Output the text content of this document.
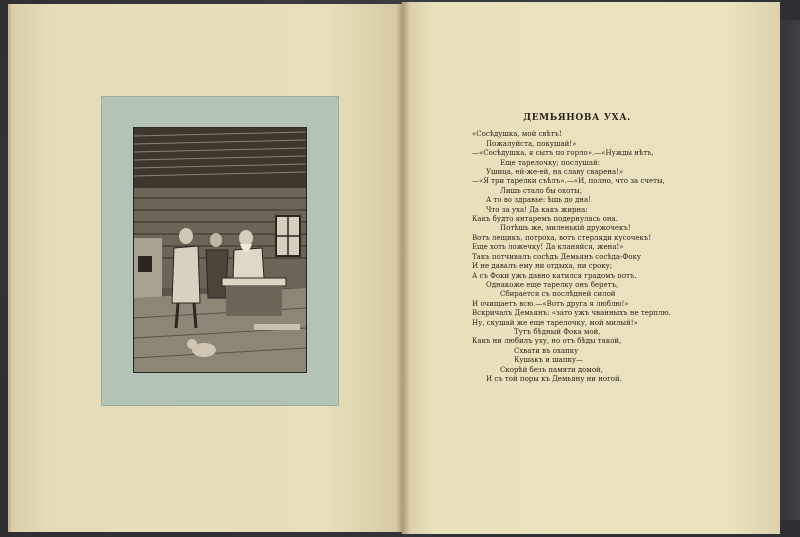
ДЕМЬЯНОВА УХА.
«Сосѣдушка, мой свѣтъ!
Пожалуйста, покушай!»
—«Сосѣдушка, я сытъ по горло».—«Нужды нѣтъ,
Еще тарелочку; послушай:
Ушица, ей-же-ей, на славу сварена!»
—«Я три тарелки съѣлъ».—«И, полно, что за счеты,
Лишь стало бы охоты,
А то во здравье: ѣшь до дна!
Что за уха! Да какъ жирна:
Какъ будто янтаремъ подернулась она.
Потѣшь же, миленькій дружочекъ!
Вотъ лещикъ, потроха, вотъ стерляди кусочекъ!
Еще хоть ложечку! Да кланяйся, жена!»
Такъ потчивалъ сосѣдъ Демьянъ сосѣда-Фоку
И не давалъ ему ни отдыха, ни сроку;
А съ Фоки ужъ давно катился градомъ потъ.
Однакоже еще тарелку онъ беретъ,
Сбирается съ послѣдней силой
И очищаетъ всю.—«Вотъ друга я люблю!»
Вскричалъ Демьянъ: «зато ужъ чванныхъ не терплю.
Ну, скушай же еще тарелочку, мой милый!»
Тутъ бѣдный Фока мой,
Какъ ни любилъ уху, но отъ бѣды такой,
Схвати въ охапку
Кушакъ и шапку—
Скорѣй безъ памяти домой,
И съ той поры къ Демьяну ни ногой.
